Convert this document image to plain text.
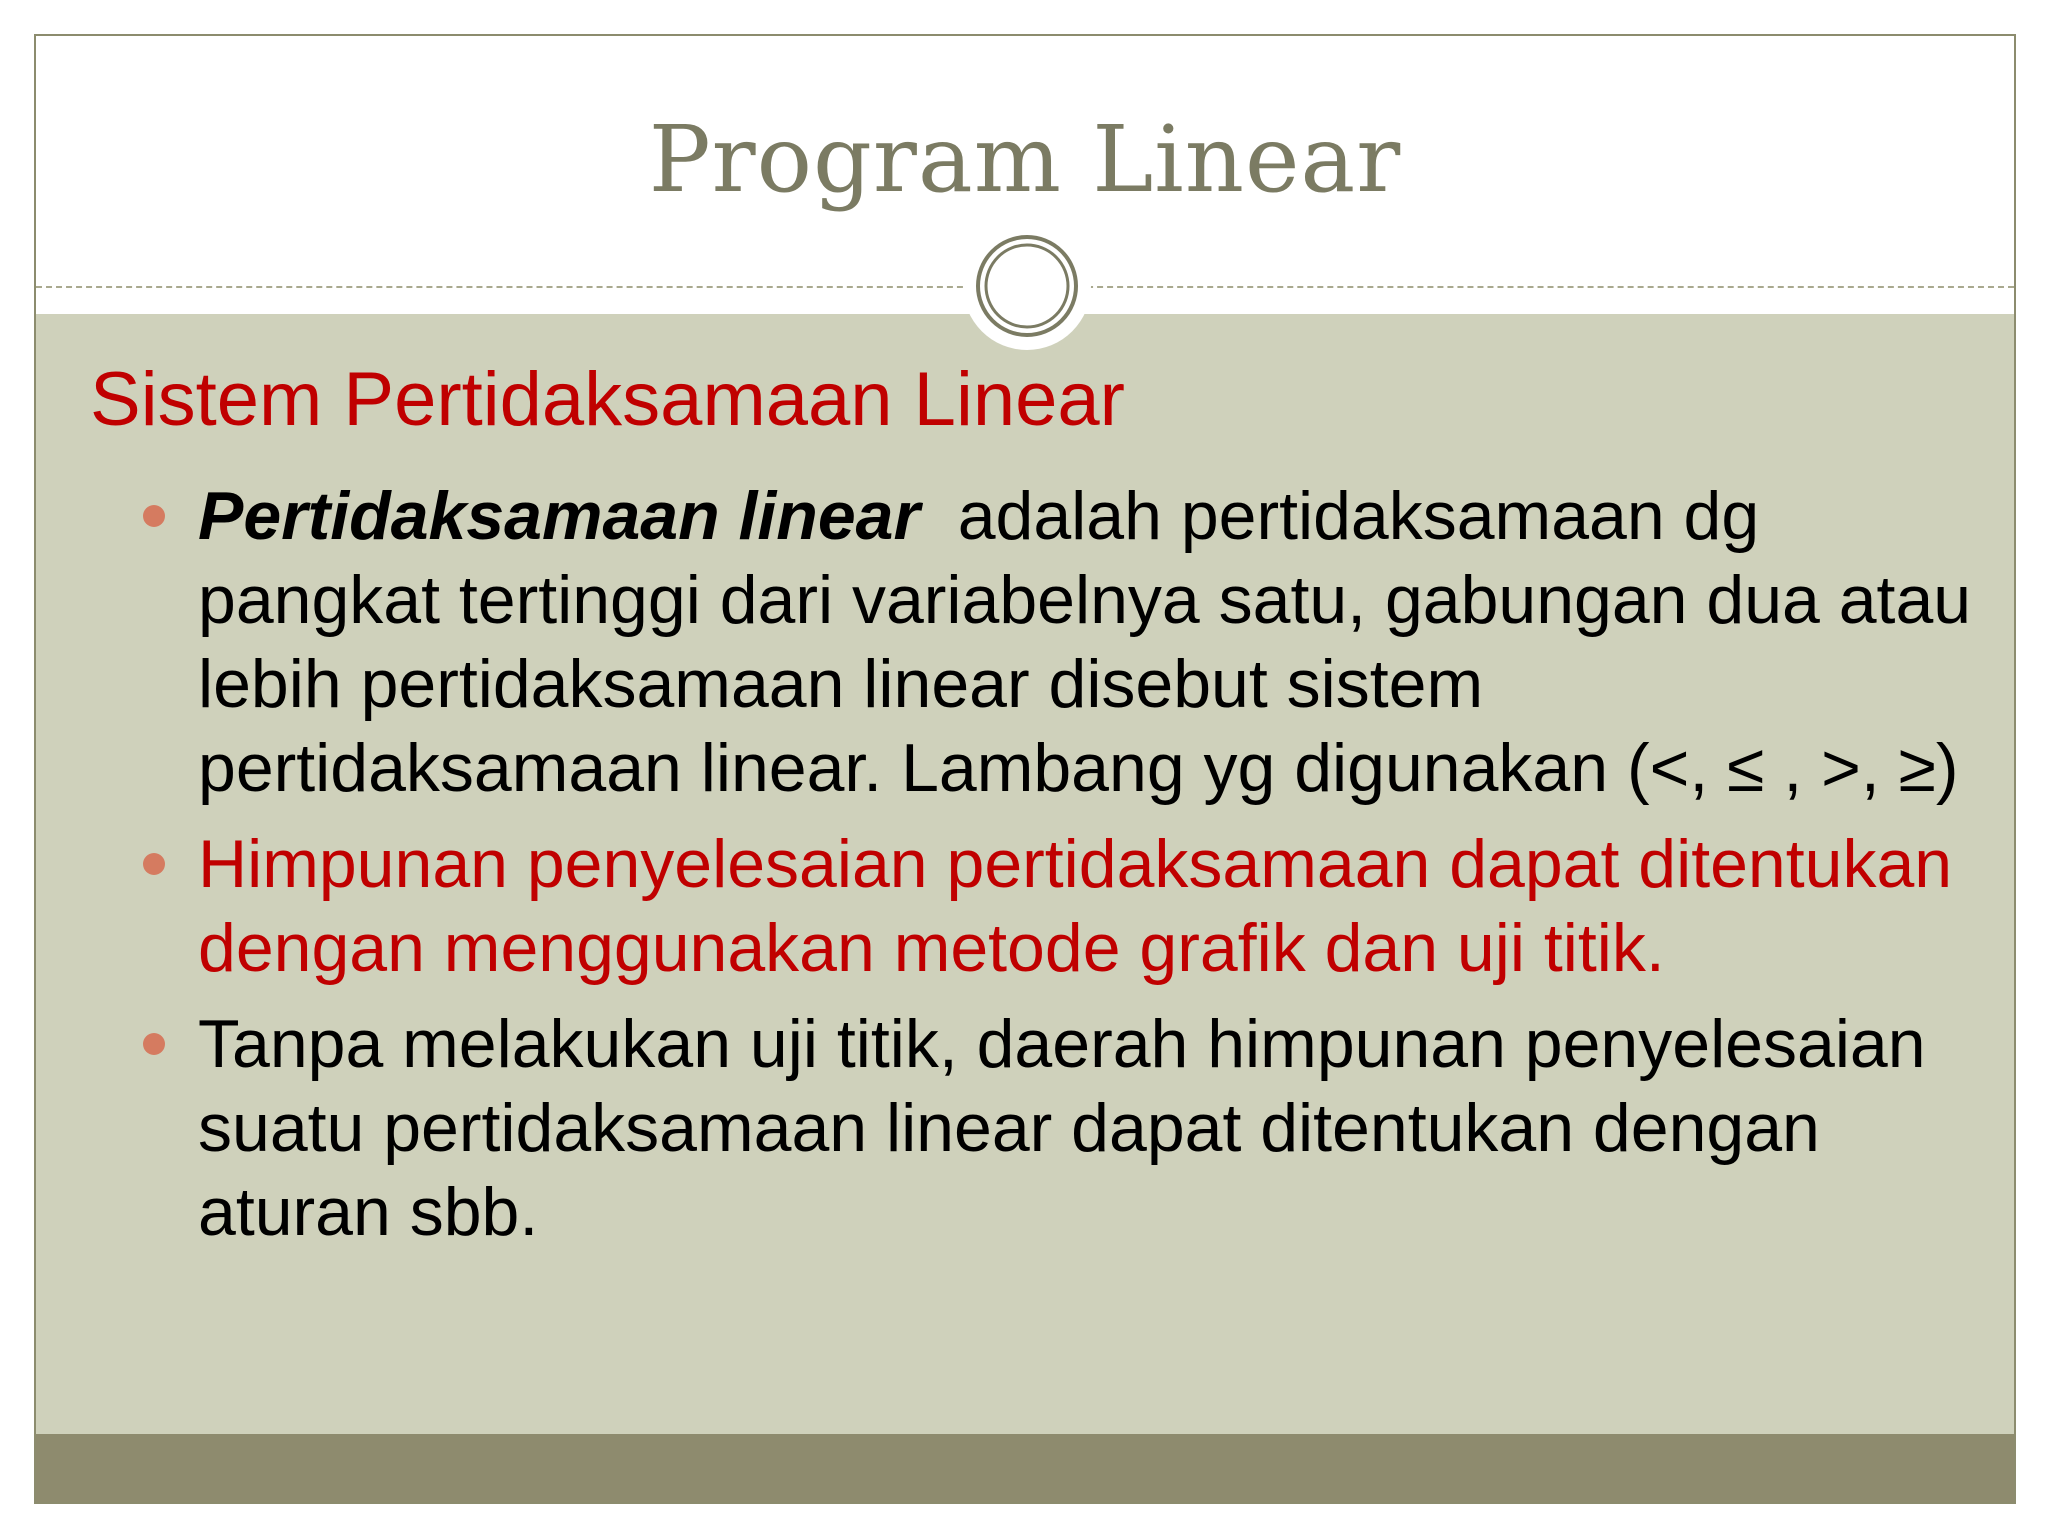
Program Linear
Sistem Pertidaksamaan Linear
Pertidaksamaan linear  adalah pertidaksamaan dg pangkat tertinggi dari variabelnya satu, gabungan dua atau lebih pertidaksamaan linear disebut sistem pertidaksamaan linear. Lambang yg digunakan (<, ≤ , >, ≥)
Himpunan penyelesaian pertidaksamaan dapat ditentukan dengan menggunakan metode grafik dan uji titik.
Tanpa melakukan uji titik, daerah himpunan penyelesaian suatu pertidaksamaan linear dapat ditentukan dengan aturan sbb.
